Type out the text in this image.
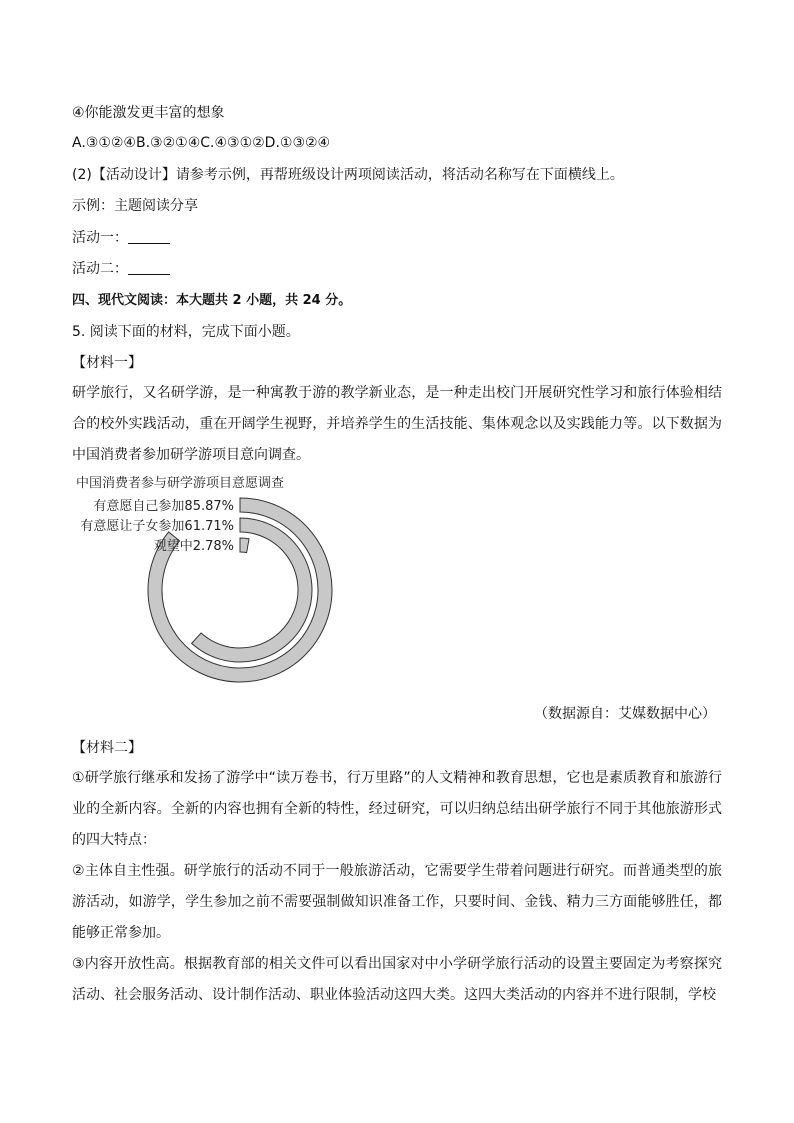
④你能激发更丰富的想象
A.③①②④B.③②①④C.④③①②D.①③②④
(2)【活动设计】请参考示例，再帮班级设计两项阅读活动，将活动名称写在下面横线上。
示例：主题阅读分享
活动一：
活动二：
四、现代文阅读：本大题共 2 小题，共 24 分。
5. 阅读下面的材料，完成下面小题。
【材料一】
研学旅行，又名研学游，是一种寓教于游的教学新业态，是一种走出校门开展研究性学习和旅行体验相结合的校外实践活动，重在开阔学生视野，并培养学生的生活技能、集体观念以及实践能力等。以下数据为中国消费者参加研学游项目意向调查。
中国消费者参与研学游项目意愿调查
有意愿自己参加85.87%
有意愿让子女参加61.71%
观望中2.78%
（数据源自：艾媒数据中心）
【材料二】
①研学旅行继承和发扬了游学中“读万卷书，行万里路”的人文精神和教育思想，它也是素质教育和旅游行业的全新内容。全新的内容也拥有全新的特性，经过研究，可以归纳总结出研学旅行不同于其他旅游形式的四大特点：
②主体自主性强。研学旅行的活动不同于一般旅游活动，它需要学生带着问题进行研究。而普通类型的旅游活动，如游学，学生参加之前不需要强制做知识准备工作，只要时间、金钱、精力三方面能够胜任，都能够正常参加。
③内容开放性高。根据教育部的相关文件可以看出国家对中小学研学旅行活动的设置主要固定为考察探究活动、社会服务活动、设计制作活动、职业体验活动这四大类。这四大类活动的内容并不进行限制，学校
